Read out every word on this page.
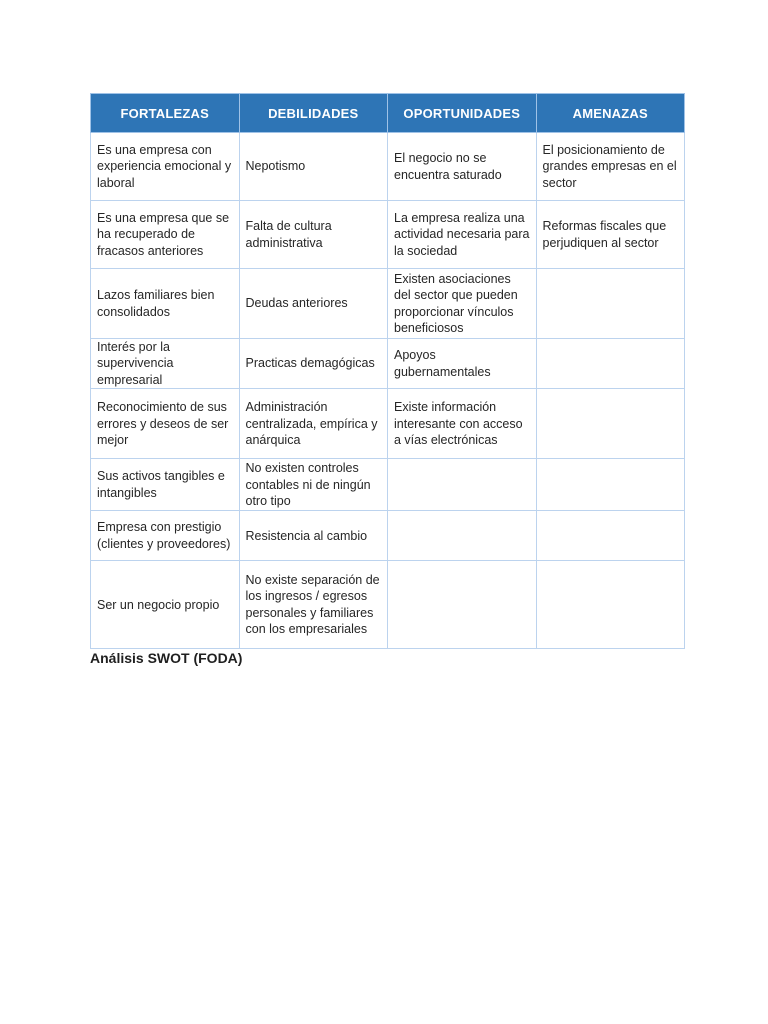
FORTALEZAS	DEBILIDADES	OPORTUNIDADES	AMENAZAS
Es una empresa con experiencia emocional y laboral	Nepotismo	El negocio no se encuentra saturado	El posicionamiento de grandes empresas en el sector
Es una empresa que se ha recuperado de fracasos anteriores	Falta de cultura administrativa	La empresa realiza una actividad necesaria para la sociedad	Reformas fiscales que perjudiquen al sector
Lazos familiares bien consolidados	Deudas anteriores	Existen asociaciones del sector que pueden proporcionar vínculos beneficiosos	
Interés por la supervivencia empresarial	Practicas demagógicas	Apoyos gubernamentales	
Reconocimiento de sus errores y deseos de ser mejor	Administración centralizada, empírica y anárquica	Existe información interesante con acceso a vías electrónicas	
Sus activos tangibles e intangibles	No existen controles contables ni de ningún otro tipo		
Empresa con prestigio (clientes y proveedores)	Resistencia al cambio		
Ser un negocio propio	No existe separación de los ingresos / egresos personales y familiares con los empresariales		
Análisis SWOT (FODA)
